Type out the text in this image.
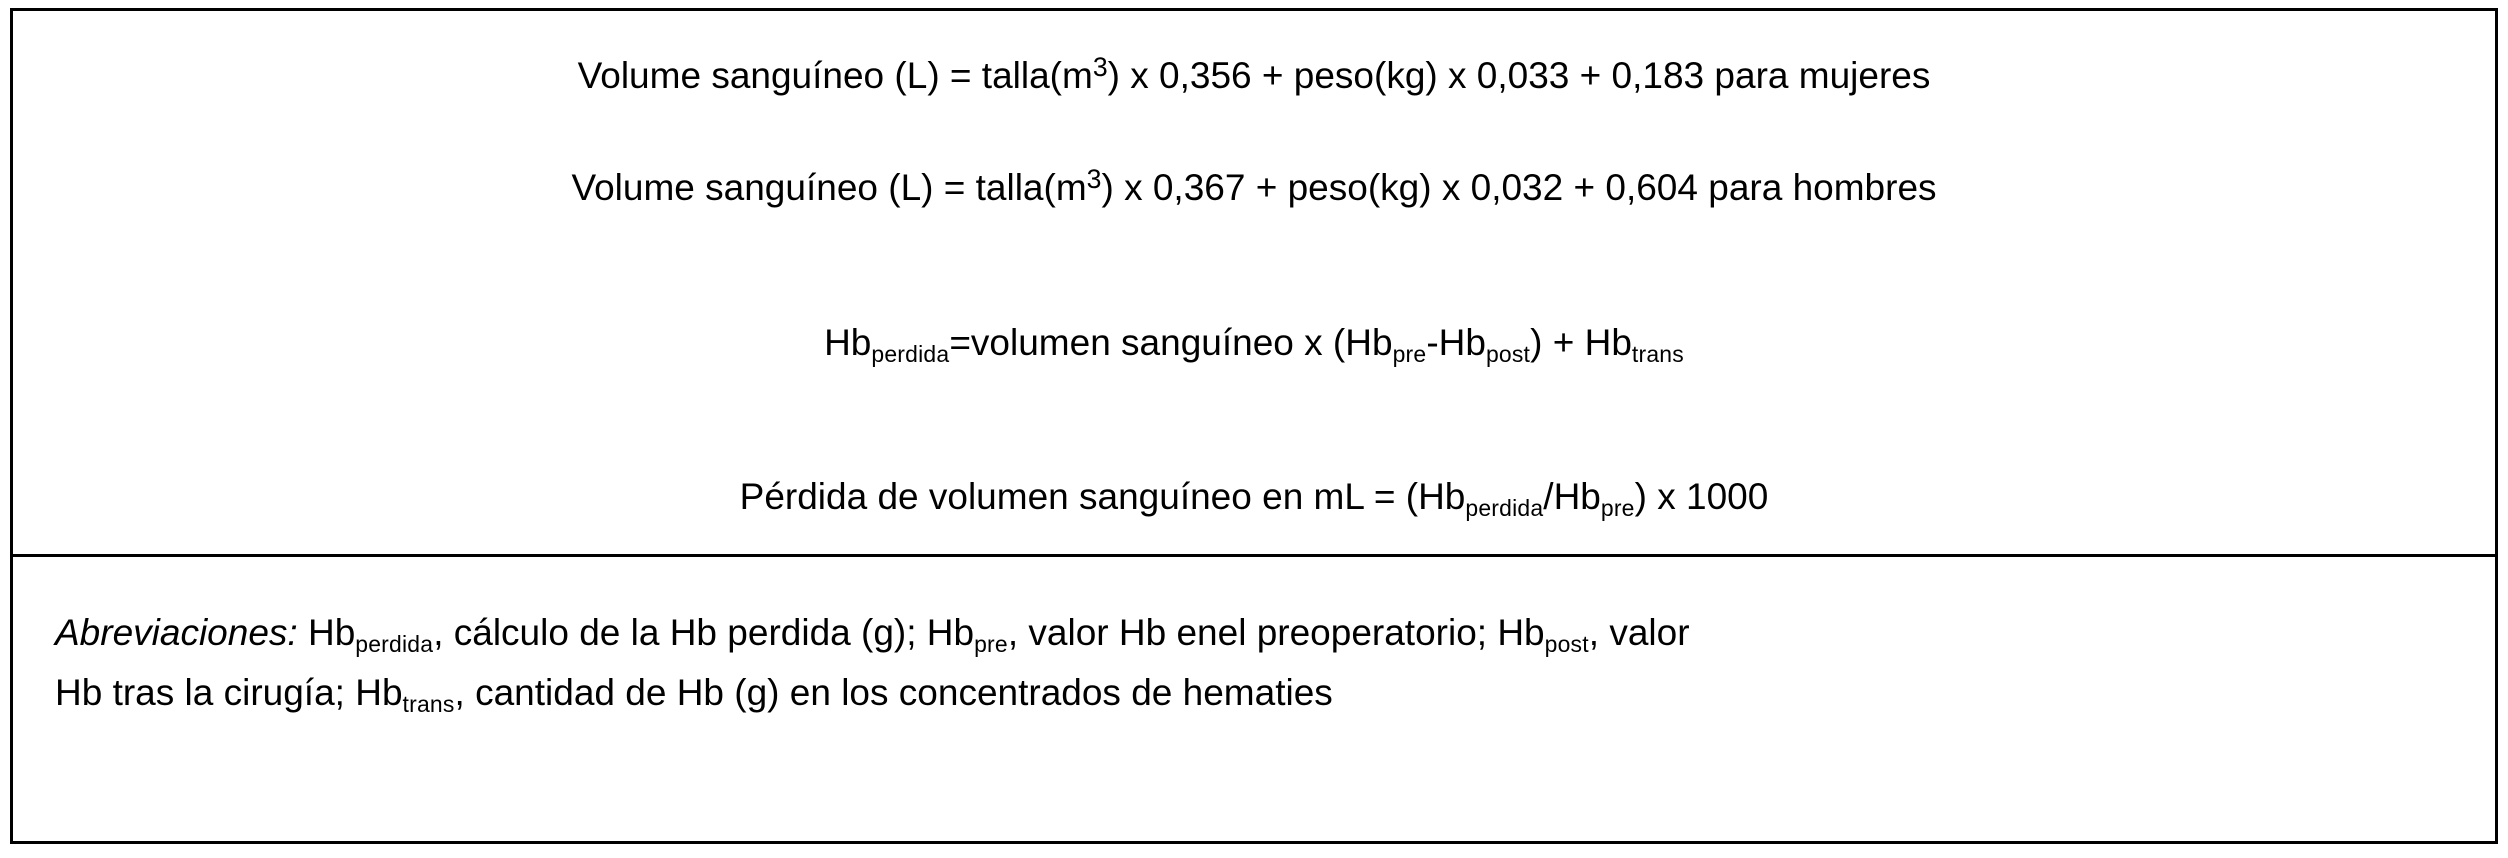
Volume sanguíneo $(L) = talla(m^3)$ x 0,356 + peso(kg) x 0,033 + 0,183 para mujeres
Volume sanguíneo $(L) = talla(m^3)$ x 0,367 + peso(kg) x 0,032 + 0,604 para hombres
$Hb_{perdida}=volumen$ sanguíneo x $(Hb_{pre}-Hb_{post}) + Hb_{trans}$
Pérdida de volumen sanguíneo en mL = $(Hb_{perdida}/Hb_{pre})$ x 1000
Abreviaciones: $Hb_{perdida}$, cálculo de la Hb perdida (g); $Hb_{pre}$, valor Hb enel preoperatorio; $Hb_{post}$, valor
Hb tras la cirugía; $Hb_{trans}$, cantidad de Hb (g) en los concentrados de hematies
